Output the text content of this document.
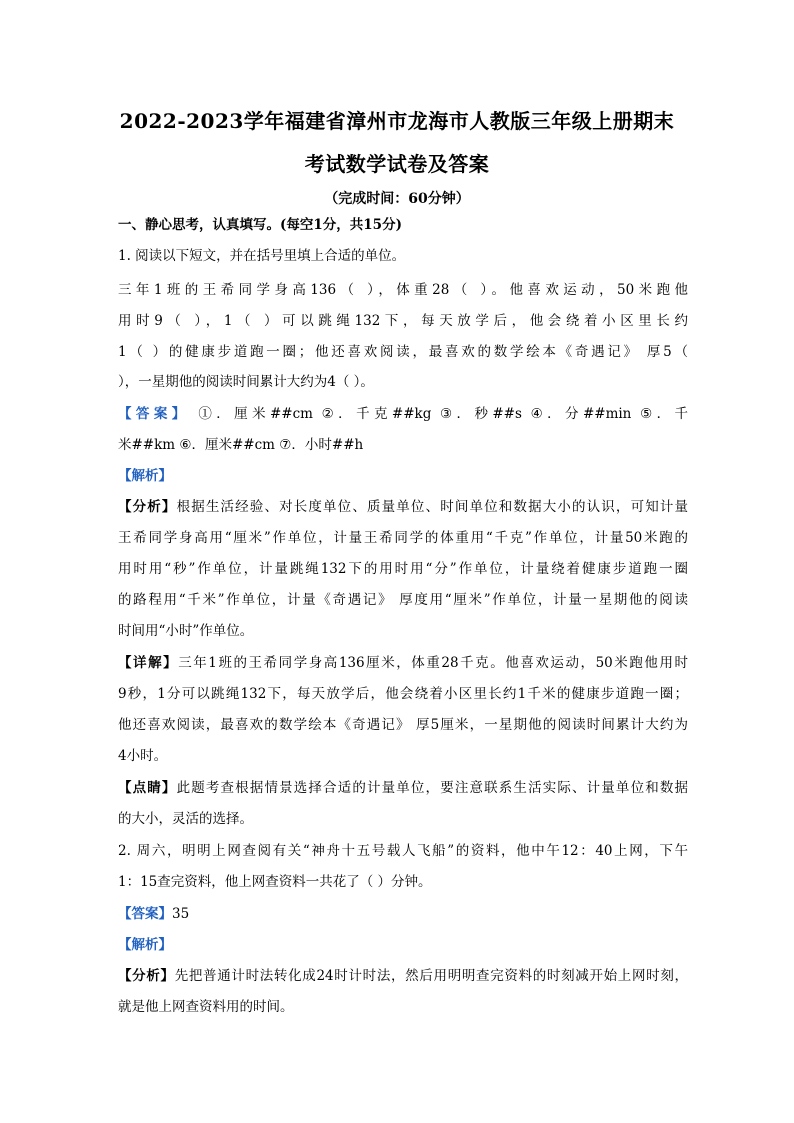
2022-2023学年福建省漳州市龙海市人教版三年级上册期末
考试数学试卷及答案
（完成时间：60分钟）
一、静心思考，认真填写。(每空1分，共15分)
1. 阅读以下短文，并在括号里填上合适的单位。
三年1班的王希同学身高136（ ），体重28（ ）。他喜欢运动，50米跑他
用时9（ ），1（ ）可以跳绳132下，每天放学后，他会绕着小区里长约
1（ ）的健康步道跑一圈；他还喜欢阅读，最喜欢的数学绘本《奇遇记》 厚5（
），一星期他的阅读时间累计大约为4（ ）。
【答案】 ①．厘米##cm ②．千克##kg ③．秒##s ④．分##min ⑤．千
米##km ⑥．厘米##cm ⑦．小时##h
【解析】
【分析】根据生活经验、对长度单位、质量单位、时间单位和数据大小的认识，可知计量
王希同学身高用“厘米”作单位，计量王希同学的体重用“千克”作单位，计量50米跑的
用时用“秒”作单位，计量跳绳132下的用时用“分”作单位，计量绕着健康步道跑一圈
的路程用“千米”作单位，计量《奇遇记》 厚度用“厘米”作单位，计量一星期他的阅读
时间用“小时”作单位。
【详解】三年1班的王希同学身高136厘米，体重28千克。他喜欢运动，50米跑他用时
9秒，1分可以跳绳132下，每天放学后，他会绕着小区里长约1千米的健康步道跑一圈；
他还喜欢阅读，最喜欢的数学绘本《奇遇记》 厚5厘米，一星期他的阅读时间累计大约为
4小时。
【点睛】此题考查根据情景选择合适的计量单位，要注意联系生活实际、计量单位和数据
的大小，灵活的选择。
2. 周六，明明上网查阅有关“神舟十五号载人飞船”的资料，他中午12：40上网，下午
1：15查完资料，他上网查资料一共花了（ ）分钟。
【答案】35
【解析】
【分析】先把普通计时法转化成24时计时法，然后用明明查完资料的时刻减开始上网时刻，
就是他上网查资料用的时间。
